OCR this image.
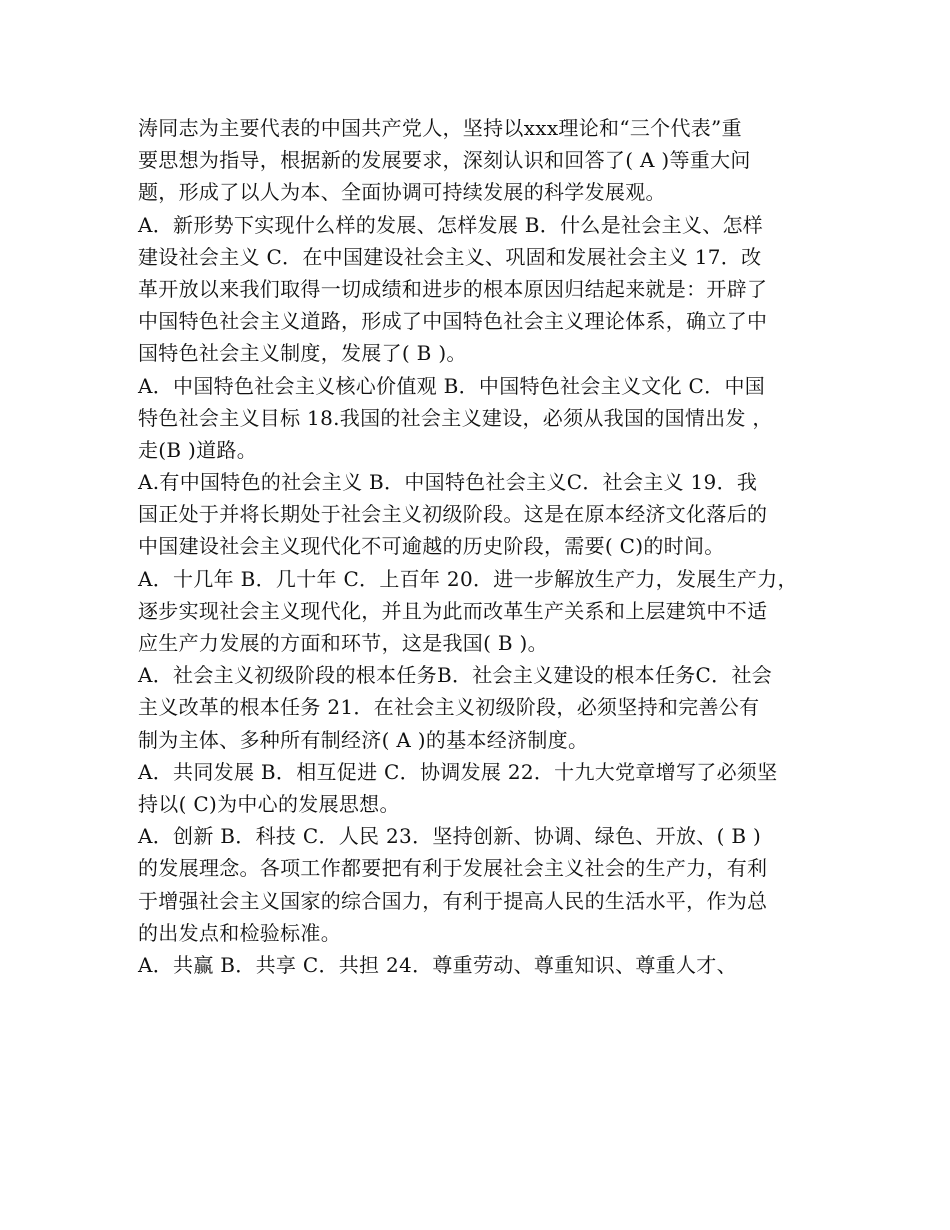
涛同志为主要代表的中国共产党人，坚持以xxx理论和“三个代表”重
要思想为指导，根据新的发展要求，深刻认识和回答了( A )等重大问
题，形成了以人为本、全面协调可持续发展的科学发展观。
A．新形势下实现什么样的发展、怎样发展 B．什么是社会主义、怎样
建设社会主义 C．在中国建设社会主义、巩固和发展社会主义 17．改
革开放以来我们取得一切成绩和进步的根本原因归结起来就是：开辟了
中国特色社会主义道路，形成了中国特色社会主义理论体系，确立了中
国特色社会主义制度，发展了( B )。
A．中国特色社会主义核心价值观 B．中国特色社会主义文化 C．中国
特色社会主义目标 18.我国的社会主义建设，必须从我国的国情出发 ，
走(B )道路。
A.有中国特色的社会主义 B．中国特色社会主义C．社会主义 19．我
国正处于并将长期处于社会主义初级阶段。这是在原本经济文化落后的
中国建设社会主义现代化不可逾越的历史阶段，需要( C)的时间。
A．十几年 B．几十年 C．上百年 20．进一步解放生产力，发展生产力，
逐步实现社会主义现代化，并且为此而改革生产关系和上层建筑中不适
应生产力发展的方面和环节，这是我国( B )。
A．社会主义初级阶段的根本任务B．社会主义建设的根本任务C．社会
主义改革的根本任务 21．在社会主义初级阶段，必须坚持和完善公有
制为主体、多种所有制经济( A )的基本经济制度。
A．共同发展 B．相互促进 C．协调发展 22．十九大党章增写了必须坚
持以( C)为中心的发展思想。
A．创新 B．科技 C．人民 23．坚持创新、协调、绿色、开放、( B )
的发展理念。各项工作都要把有利于发展社会主义社会的生产力，有利
于增强社会主义国家的综合国力，有利于提高人民的生活水平，作为总
的出发点和检验标准。
A．共赢 B．共享 C．共担 24．尊重劳动、尊重知识、尊重人才、
